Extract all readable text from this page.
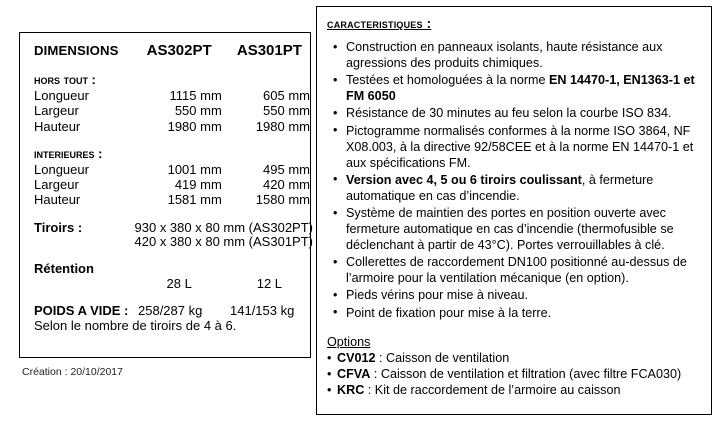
DIMENSIONS	AS302PT	AS301PT

hors tout :		
Longueur	1115 mm	605 mm
Largeur	550 mm	550 mm
Hauteur	1980 mm	1980 mm

interieures :		
Longueur	1001 mm	495 mm
Largeur	419 mm	420 mm
Hauteur	1581 mm	1580 mm

Tiroirs :	930 x 380 x 80 mm (AS302PT)
420 x 380 x 80 mm (AS301PT)	

Rétention		
	28 L	12 L

POIDS A VIDE : 258/287 kg 141/153 kg		
Selon le nombre de tiroirs de 4 à 6.		
Création : 20/10/2017
caracteristiques :
• Construction en panneaux isolants, haute résistance aux agressions des produits chimiques.
• Testées et homologuées à la norme EN 14470-1, EN1363-1 et FM 6050
• Résistance de 30 minutes au feu selon la courbe ISO 834.
• Pictogramme normalisés conformes à la norme ISO 3864, NF X08.003, à la directive 92/58CEE et à la norme EN 14470-1 et aux spécifications FM.
• Version avec 4, 5 ou 6 tiroirs coulissant, à fermeture automatique en cas d’incendie.
• Système de maintien des portes en position ouverte avec fermeture automatique en cas d’incendie (thermofusible se déclenchant à partir de 43°C). Portes verrouillables à clé.
• Collerettes de raccordement DN100 positionné au-dessus de l’armoire pour la ventilation mécanique (en option).
• Pieds vérins pour mise à niveau.
• Point de fixation pour mise à la terre.
Options
• CV012 : Caisson de ventilation
• CFVA : Caisson de ventilation et filtration (avec filtre FCA030)
• KRC : Kit de raccordement de l’armoire au caisson
